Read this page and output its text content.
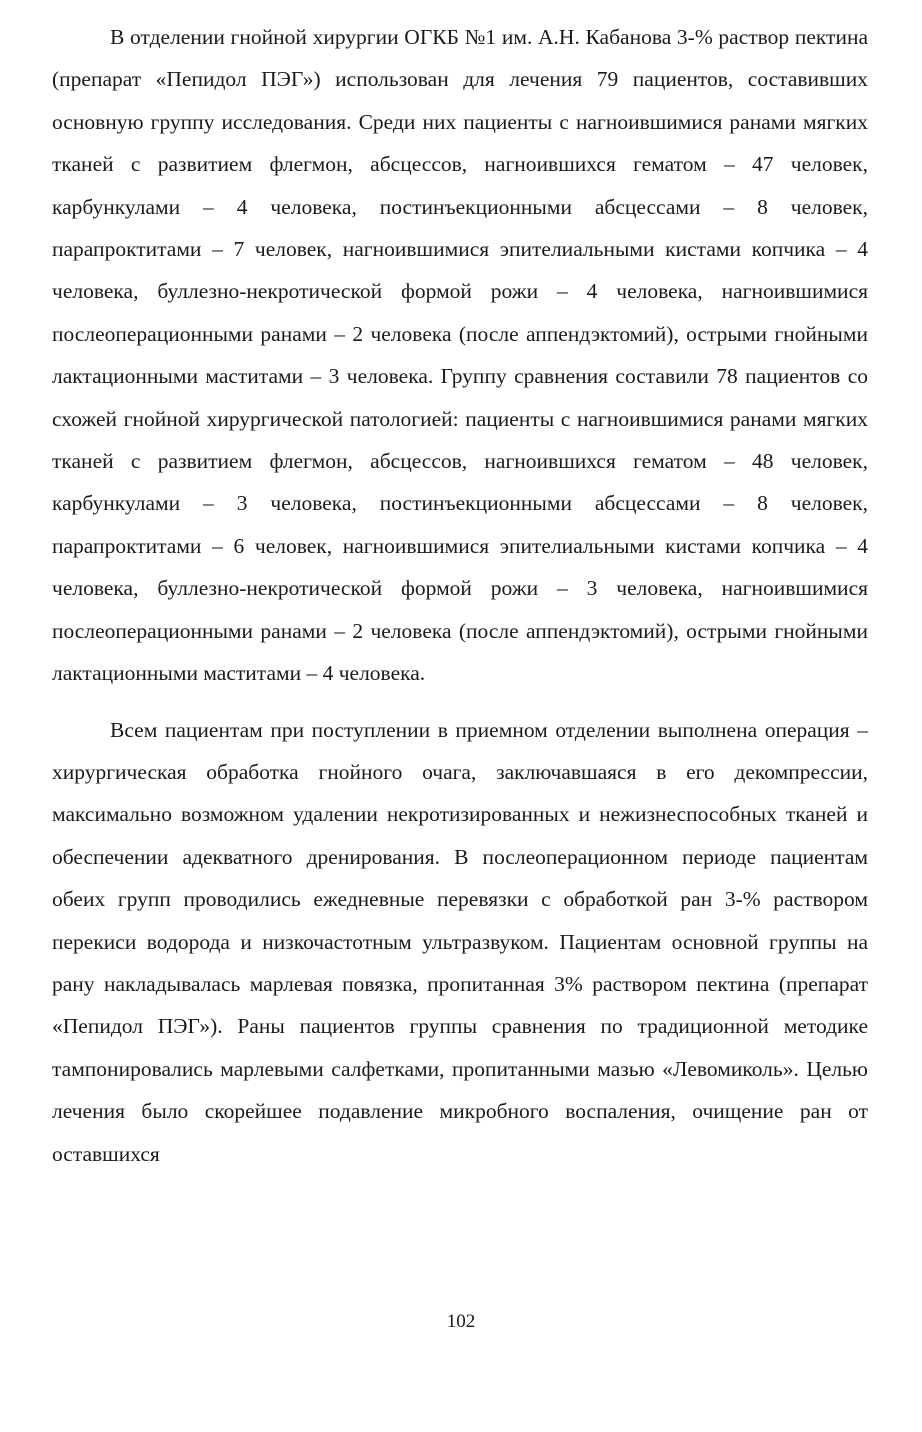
В отделении гнойной хирургии ОГКБ №1 им. А.Н. Кабанова 3-% раствор пектина (препарат «Пепидол ПЭГ») использован для лечения 79 пациентов, составивших основную группу исследования. Среди них пациенты с нагноившимися ранами мягких тканей с развитием флегмон, абсцессов, нагноившихся гематом – 47 человек, карбункулами – 4 человека, постинъекционными абсцессами – 8 человек, парапроктитами – 7 человек, нагноившимися эпителиальными кистами копчика – 4 человека, буллезно-некротической формой рожи – 4 человека, нагноившимися послеоперационными ранами – 2 человека (после аппендэктомий), острыми гнойными лактационными маститами – 3 человека. Группу сравнения составили 78 пациентов со схожей гнойной хирургической патологией: пациенты с нагноившимися ранами мягких тканей с развитием флегмон, абсцессов, нагноившихся гематом – 48 человек, карбункулами – 3 человека, постинъекционными абсцессами – 8 человек, парапроктитами – 6 человек, нагноившимися эпителиальными кистами копчика – 4 человека, буллезно-некротической формой рожи – 3 человека, нагноившимися послеоперационными ранами – 2 человека (после аппендэктомий), острыми гнойными лактационными маститами – 4 человека.

Всем пациентам при поступлении в приемном отделении выполнена операция – хирургическая обработка гнойного очага, заключавшаяся в его декомпрессии, максимально возможном удалении некротизированных и нежизнеспособных тканей и обеспечении адекватного дренирования. В послеоперационном периоде пациентам обеих групп проводились ежедневные перевязки с обработкой ран 3-% раствором перекиси водорода и низкочастотным ультразвуком. Пациентам основной группы на рану накладывалась марлевая повязка, пропитанная 3% раствором пектина (препарат «Пепидол ПЭГ»). Раны пациентов группы сравнения по традиционной методике тампонировались марлевыми салфетками, пропитанными мазью «Левомиколь». Целью лечения было скорейшее подавление микробного воспаления, очищение ран от оставшихся

102
